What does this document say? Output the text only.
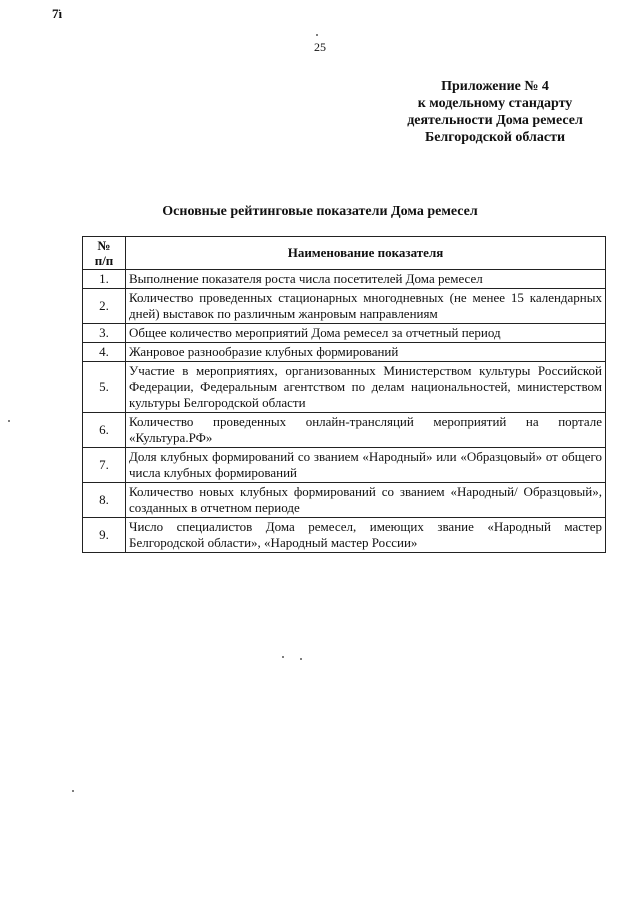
7̈ı
25
Приложение № 4
к модельному стандарту
деятельности Дома ремесел
Белгородской области
Основные рейтинговые показатели Дома ремесел
№
п/п	Наименование показателя
1.	Выполнение показателя роста числа посетителей Дома ремесел
2.	Количество проведенных стационарных многодневных (не менее 15 календарных дней) выставок по различным жанровым направлениям
3.	Общее количество мероприятий Дома ремесел за отчетный период
4.	Жанровое разнообразие клубных формирований
5.	Участие в мероприятиях, организованных Министерством культуры Российской Федерации, Федеральным агентством по делам национальностей, министерством культуры Белгородской области
6.	Количество проведенных онлайн-трансляций мероприятий на портале «Культура.РФ»
7.	Доля клубных формирований со званием «Народный» или «Образцовый» от общего числа клубных формирований
8.	Количество новых клубных формирований со званием «Народный/ Образцовый», созданных в отчетном периоде
9.	Число специалистов Дома ремесел, имеющих звание «Народный мастер Белгородской области», «Народный мастер России»
